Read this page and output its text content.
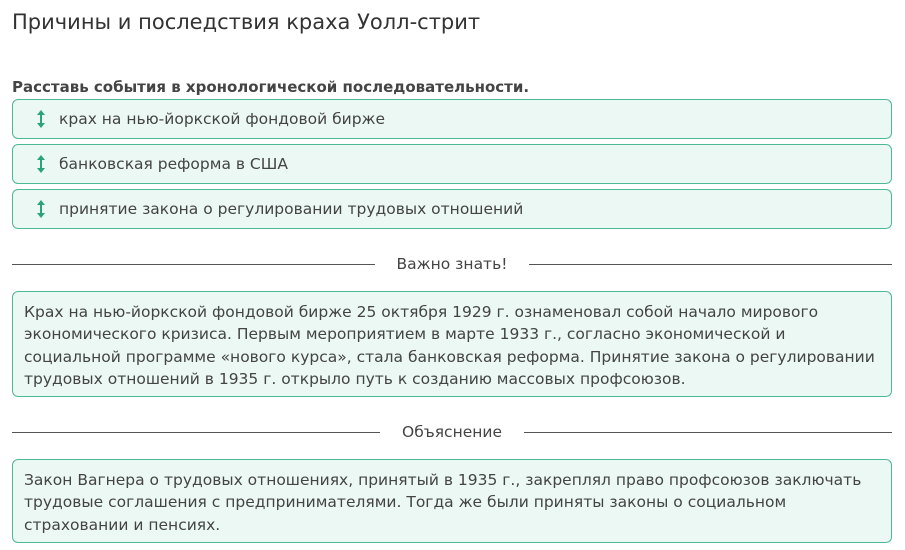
Причины и последствия краха Уолл-стрит
Расставь события в хронологической последовательности.
крах на нью-йоркской фондовой бирже
банковская реформа в США
принятие закона о регулировании трудовых отношений
Важно знать!
Крах на нью-йоркской фондовой бирже 25 октября 1929 г. ознаменовал собой начало мирового экономического кризиса. Первым мероприятием в марте 1933 г., согласно экономической и социальной программе «нового курса», стала банковская реформа. Принятие закона о регулировании трудовых отношений в 1935 г. открыло путь к созданию массовых профсоюзов.
Объяснение
Закон Вагнера о трудовых отношениях, принятый в 1935 г., закреплял право профсоюзов заключать трудовые соглашения с предпринимателями. Тогда же были приняты законы о социальном страховании и пенсиях.
